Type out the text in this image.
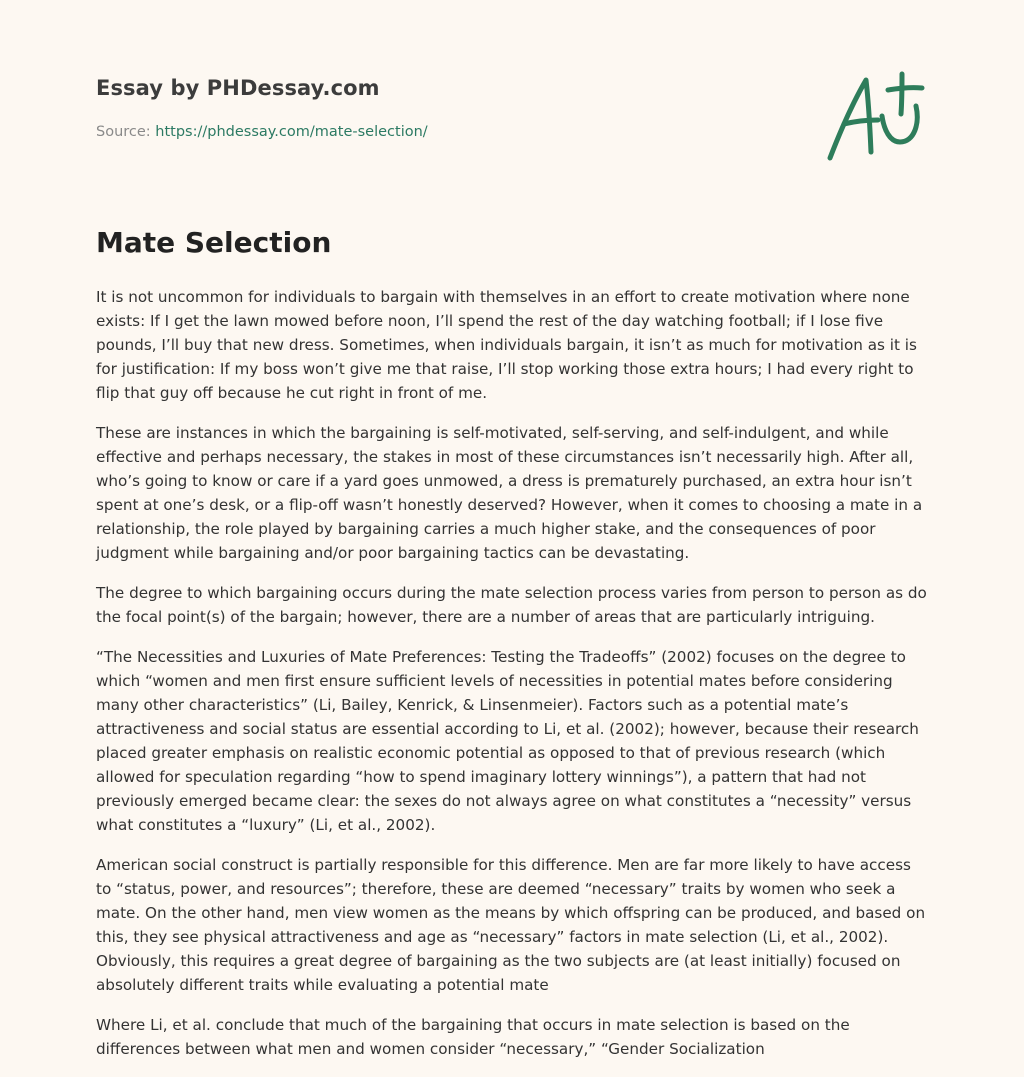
Essay by PHDessay.com
Source: https://phdessay.com/mate-selection/
Mate Selection

It is not uncommon for individuals to bargain with themselves in an effort to create motivation where none exists: If I get the lawn mowed before noon, I’ll spend the rest of the day watching football; if I lose five pounds, I’ll buy that new dress. Sometimes, when individuals bargain, it isn’t as much for motivation as it is for justification: If my boss won’t give me that raise, I’ll stop working those extra hours; I had every right to flip that guy off because he cut right in front of me.

These are instances in which the bargaining is self-motivated, self-serving, and self-indulgent, and while effective and perhaps necessary, the stakes in most of these circumstances isn’t necessarily high. After all, who’s going to know or care if a yard goes unmowed, a dress is prematurely purchased, an extra hour isn’t spent at one’s desk, or a flip-off wasn’t honestly deserved? However, when it comes to choosing a mate in a relationship, the role played by bargaining carries a much higher stake, and the consequences of poor judgment while bargaining and/or poor bargaining tactics can be devastating.

The degree to which bargaining occurs during the mate selection process varies from person to person as do the focal point(s) of the bargain; however, there are a number of areas that are particularly intriguing.

“The Necessities and Luxuries of Mate Preferences: Testing the Tradeoffs” (2002) focuses on the degree to which “women and men first ensure sufficient levels of necessities in potential mates before considering many other characteristics” (Li, Bailey, Kenrick, & Linsenmeier). Factors such as a potential mate’s attractiveness and social status are essential according to Li, et al. (2002); however, because their research placed greater emphasis on realistic economic potential as opposed to that of previous research (which allowed for speculation regarding “how to spend imaginary lottery winnings”), a pattern that had not previously emerged became clear: the sexes do not always agree on what constitutes a “necessity” versus what constitutes a “luxury” (Li, et al., 2002).

American social construct is partially responsible for this difference. Men are far more likely to have access to “status, power, and resources”; therefore, these are deemed “necessary” traits by women who seek a mate. On the other hand, men view women as the means by which offspring can be produced, and based on this, they see physical attractiveness and age as “necessary” factors in mate selection (Li, et al., 2002). Obviously, this requires a great degree of bargaining as the two subjects are (at least initially) focused on absolutely different traits while evaluating a potential mate

Where Li, et al. conclude that much of the bargaining that occurs in mate selection is based on the differences between what men and women consider “necessary,” “Gender Socialization
